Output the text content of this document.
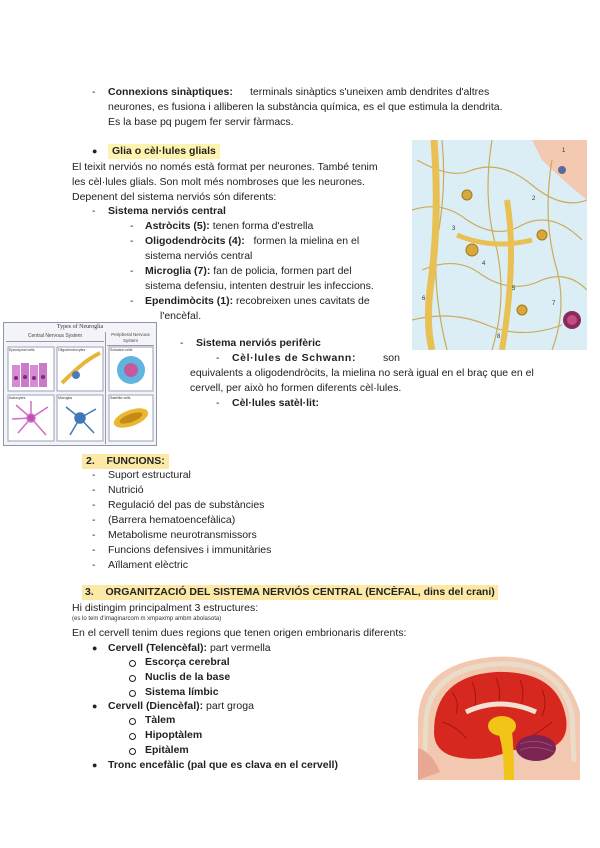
- Connexions sinàptiques: terminals sinàptics s'uneixen amb dendrites d'altres
neurones, es fusiona i alliberen la substància química, es el que estimula la dendrita.
Es la base pq pugem fer servir fàrmacs.
●	Glia o cèl·lules glials
El teixit nerviós no només està format per neurones. També tenim
les cèl·lules glials. Son molt més nombroses que les neurones.
Depenent del sistema nerviós són diferents:
- Sistema nerviós central
- Astròcits (5): tenen forma d'estrella
- Oligodendròcits (4): formen la mielina en el
sistema nerviós central
- Microglia (7): fan de policia, formen part del
sistema defensiu, intenten destruir les infeccions.
- Ependimòcits (1): recobreixen unes cavitats de
l'encèfal.
Types of Neuroglia
Central Nervous System	Peripheral Nervous System
Ependymal cells	Oligodendrocytes	Schwann cells
Astrocytes	Microglia	Satellite cells
1
2
3
4
5
6
7
8
- Sistema nerviós perifèric
- Cèl·lules de Schwann:	son
equivalents a oligodendròcits, la mielina no serà igual en el braç que en el
cervell, per això ho formen diferents cèl·lules.
- Cèl·lules satèl·lit:
2. FUNCIONS:
- Suport estructural
- Nutrició
- Regulació del pas de substàncies
- (Barrera hematoencefàlica)
- Metabolisme neurotransmissors
- Funcions defensives i immunitàries
- Aïllament elèctric
3. ORGANITZACIÓ DEL SISTEMA NERVIÓS CENTRAL (ENCÈFAL, dins del crani)
Hi distingim principalment 3 estructures:
(es lo tem d'imaginarcom m xmpaxmp ambm abolasota)
En el cervell tenim dues regions que tenen origen embrionaris diferents:
● Cervell (Telencèfal): part vermella
Escorça cerebral
Nuclis de la base
Sistema límbic
● Cervell (Diencèfal): part groga
Tàlem
Hipoptàlem
Epitàlem
● Tronc encefàlic (pal que es clava en el cervell)
